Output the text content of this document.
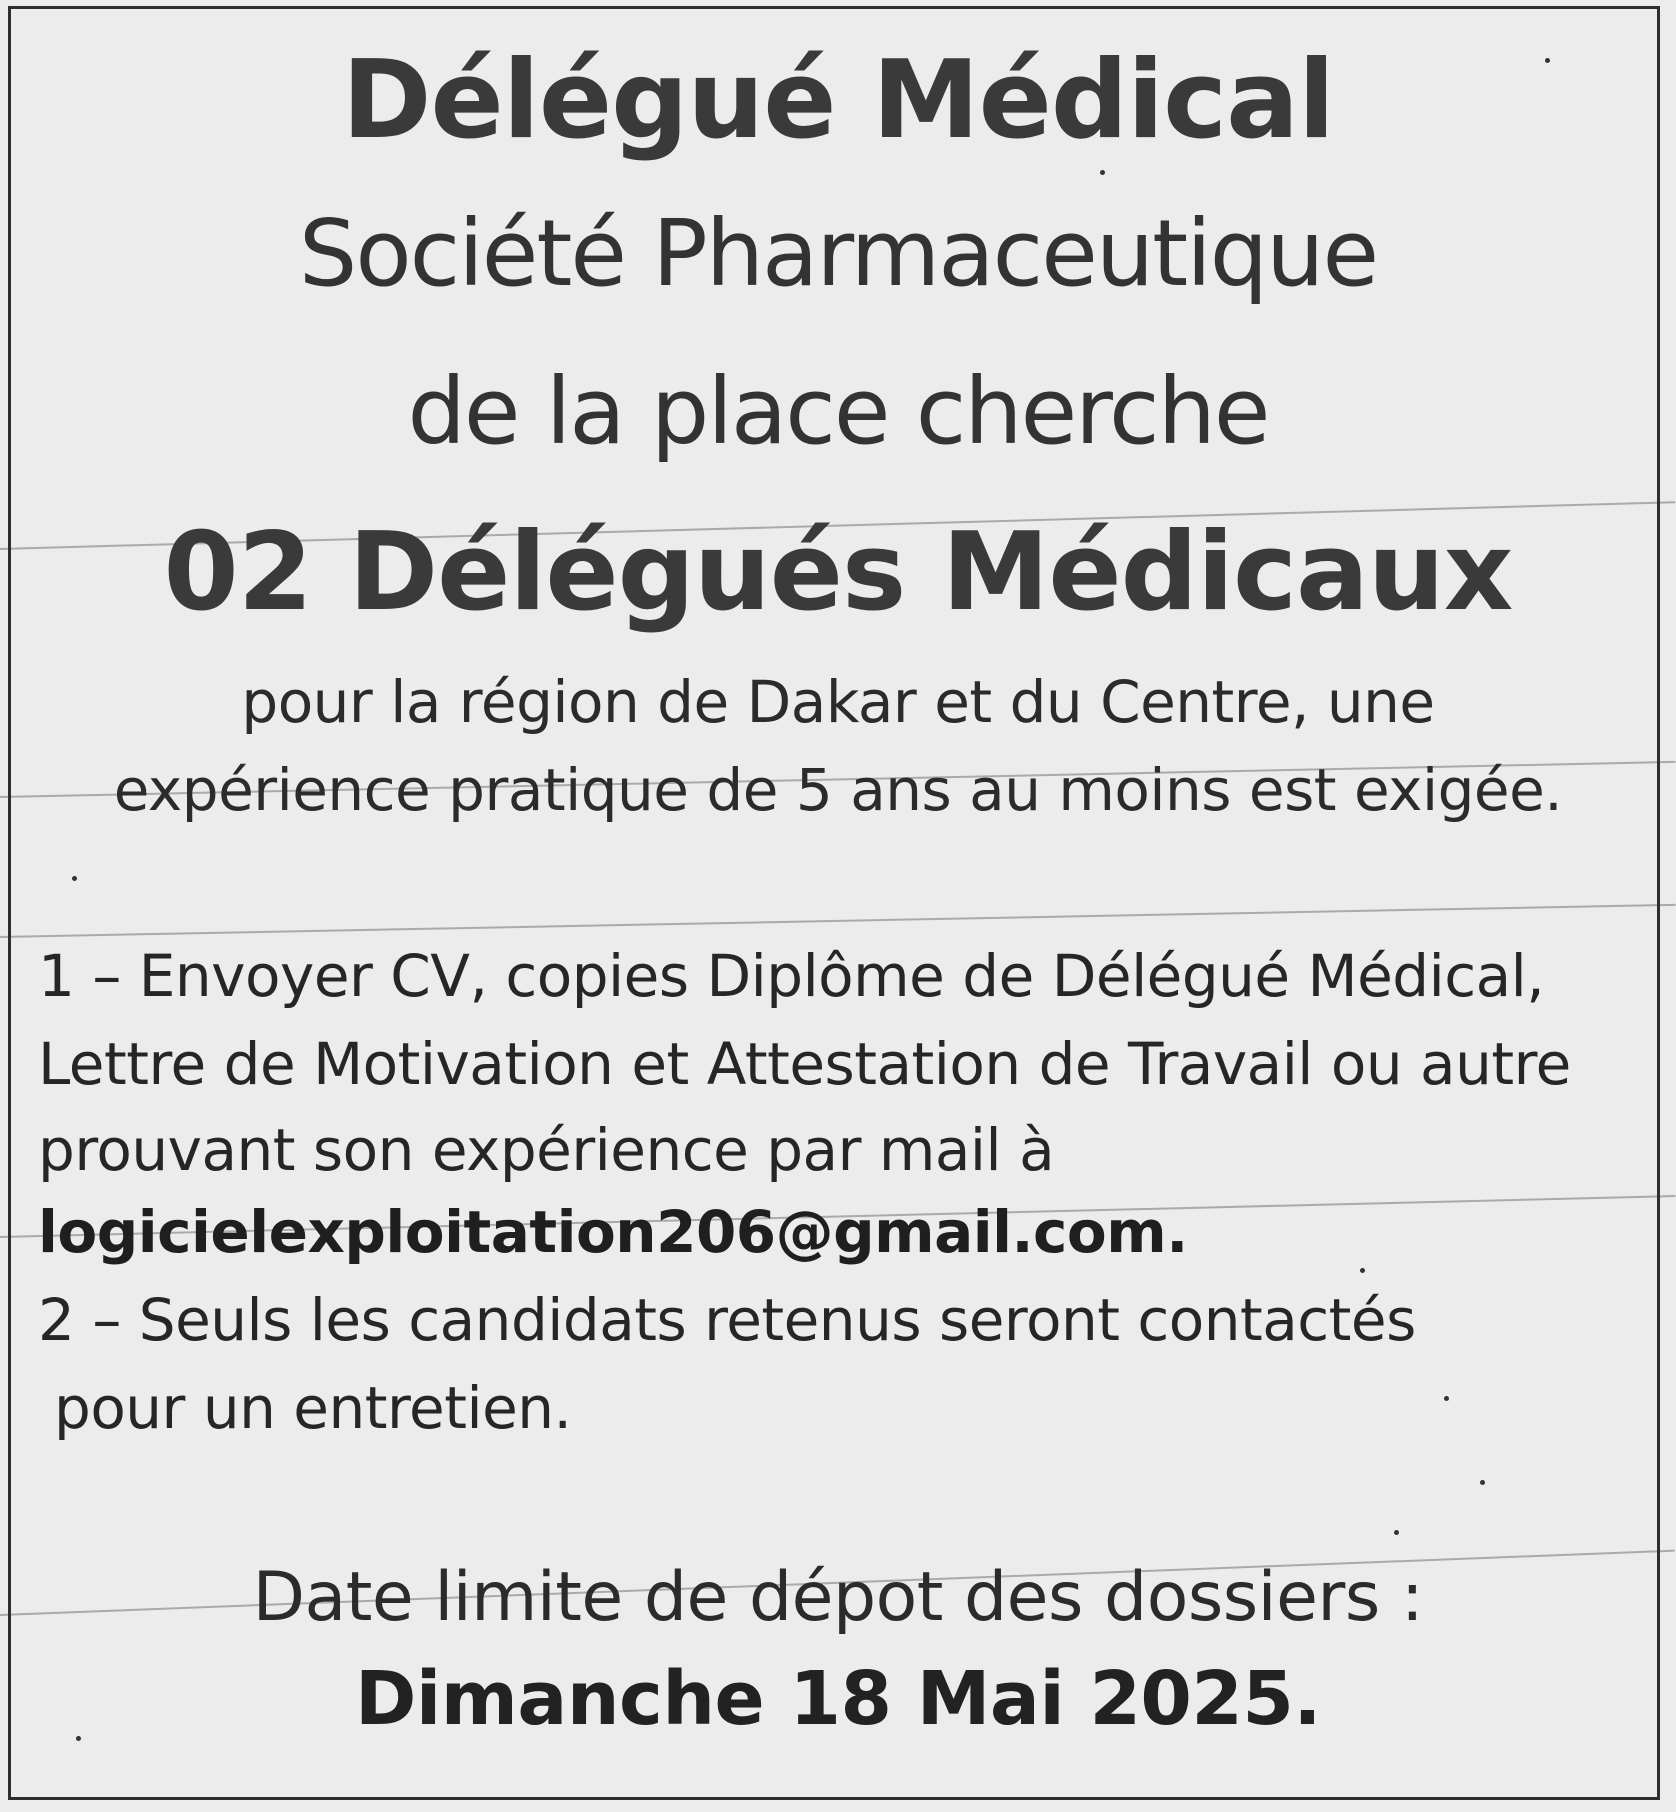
Délégué Médical
Société Pharmaceutique
de la place cherche
02 Délégués Médicaux
pour la région de Dakar et du Centre, une
expérience pratique de 5 ans au moins est exigée.
1 – Envoyer CV, copies Diplôme de Délégué Médical,
Lettre de Motivation et Attestation de Travail ou autre
prouvant son expérience par mail à
logicielexploitation206@gmail.com.
2 – Seuls les candidats retenus seront contactés
pour un entretien.
Date limite de dépot des dossiers :
Dimanche 18 Mai 2025.
